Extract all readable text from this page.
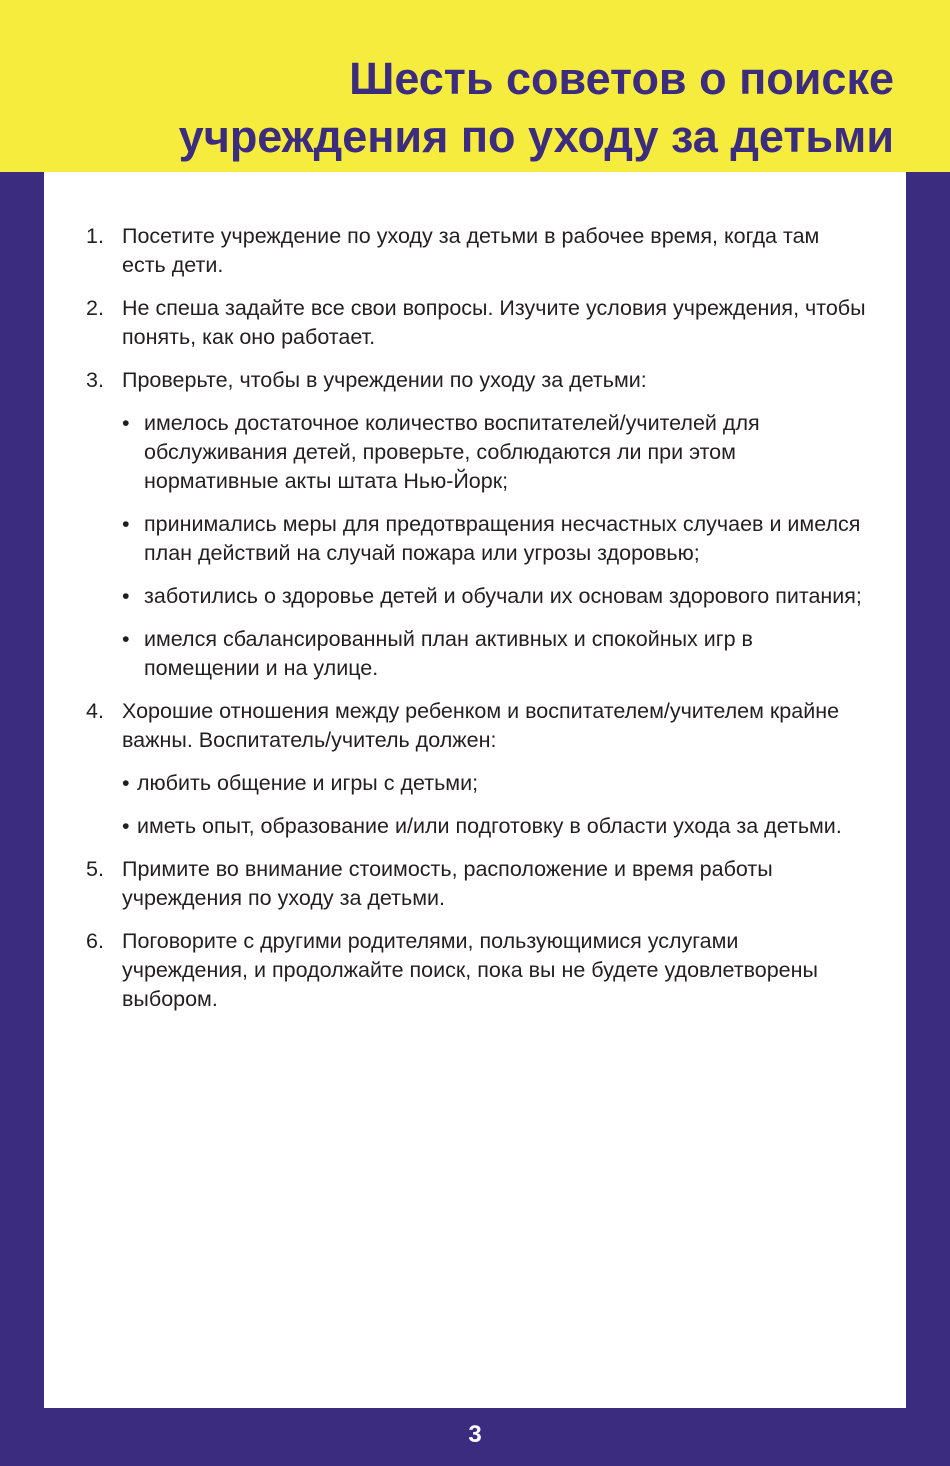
Шесть советов о поиске
учреждения по уходу за детьми
1. Посетите учреждение по уходу за детьми в рабочее время, когда там есть дети.
2. Не спеша задайте все свои вопросы. Изучите условия учреждения, чтобы понять, как оно работает.
3. Проверьте, чтобы в учреждении по уходу за детьми:
• имелось достаточное количество воспитателей/учителей для обслуживания детей, проверьте, соблюдаются ли при этом нормативные акты штата Нью-Йорк;
• принимались меры для предотвращения несчастных случаев и имелся план действий на случай пожара или угрозы здоровью;
• заботились о здоровье детей и обучали их основам здорового питания;
• имелся сбалансированный план активных и спокойных игр в помещении и на улице.
4. Хорошие отношения между ребенком и воспитателем/учителем крайне важны. Воспитатель/учитель должен:
• любить общение и игры с детьми;
• иметь опыт, образование и/или подготовку в области ухода за детьми.
5. Примите во внимание стоимость, расположение и время работы учреждения по уходу за детьми.
6. Поговорите с другими родителями, пользующимися услугами учреждения, и продолжайте поиск, пока вы не будете удовлетворены выбором.
3
